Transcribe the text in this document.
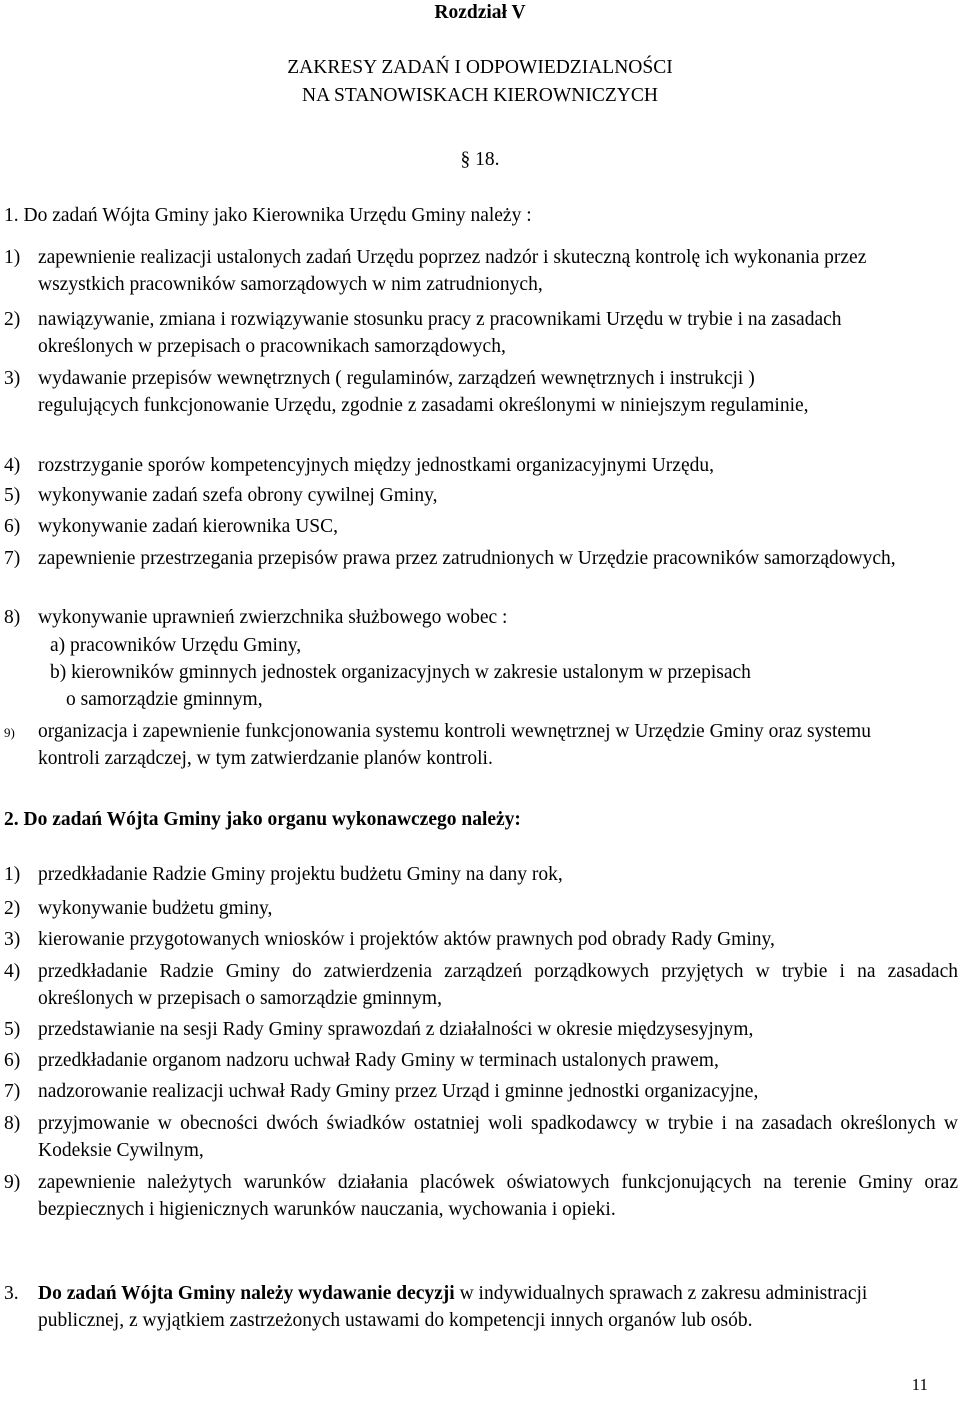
Rozdział V
ZAKRESY ZADAŃ I ODPOWIEDZIALNOŚCI
NA STANOWISKACH KIEROWNICZYCH
§ 18.
1. Do zadań Wójta Gminy jako Kierownika Urzędu Gminy należy :
1) zapewnienie realizacji ustalonych zadań Urzędu poprzez nadzór i skuteczną kontrolę ich wykonania przez wszystkich pracowników samorządowych w nim zatrudnionych,
2) nawiązywanie, zmiana i rozwiązywanie stosunku pracy z pracownikami Urzędu w trybie i na zasadach określonych w przepisach o pracownikach samorządowych,
3) wydawanie przepisów wewnętrznych ( regulaminów, zarządzeń wewnętrznych i instrukcji ) regulujących funkcjonowanie Urzędu, zgodnie z zasadami określonymi w niniejszym regulaminie,
4) rozstrzyganie sporów kompetencyjnych między jednostkami organizacyjnymi Urzędu,
5) wykonywanie zadań szefa obrony cywilnej Gminy,
6) wykonywanie zadań kierownika USC,
7) zapewnienie przestrzegania przepisów prawa przez zatrudnionych w Urzędzie pracowników samorządowych,
8) wykonywanie uprawnień zwierzchnika służbowego wobec :
a) pracowników Urzędu Gminy,
b) kierowników gminnych jednostek organizacyjnych w zakresie ustalonym w przepisach
o samorządzie gminnym,
9) organizacja i zapewnienie funkcjonowania systemu kontroli wewnętrznej w Urzędzie Gminy oraz systemu kontroli zarządczej, w tym zatwierdzanie planów kontroli.
2. Do zadań Wójta Gminy jako organu wykonawczego należy:
1) przedkładanie Radzie Gminy projektu budżetu Gminy na dany rok,
2) wykonywanie budżetu gminy,
3) kierowanie przygotowanych wniosków i projektów aktów prawnych pod obrady Rady Gminy,
4) przedkładanie Radzie Gminy do zatwierdzenia zarządzeń porządkowych przyjętych w trybie i na zasadach określonych w przepisach o samorządzie gminnym,
5) przedstawianie na sesji Rady Gminy sprawozdań z działalności w okresie międzysesyjnym,
6) przedkładanie organom nadzoru uchwał Rady Gminy w terminach ustalonych prawem,
7) nadzorowanie realizacji uchwał Rady Gminy przez Urząd i gminne jednostki organizacyjne,
8) przyjmowanie w obecności dwóch świadków ostatniej woli spadkodawcy w trybie i na zasadach określonych w Kodeksie Cywilnym,
9) zapewnienie należytych warunków działania placówek oświatowych funkcjonujących na terenie Gminy oraz bezpiecznych i higienicznych warunków nauczania, wychowania i opieki.
3. Do zadań Wójta Gminy należy wydawanie decyzji w indywidualnych sprawach z zakresu administracji publicznej, z wyjątkiem zastrzeżonych ustawami do kompetencji innych organów lub osób.
11
